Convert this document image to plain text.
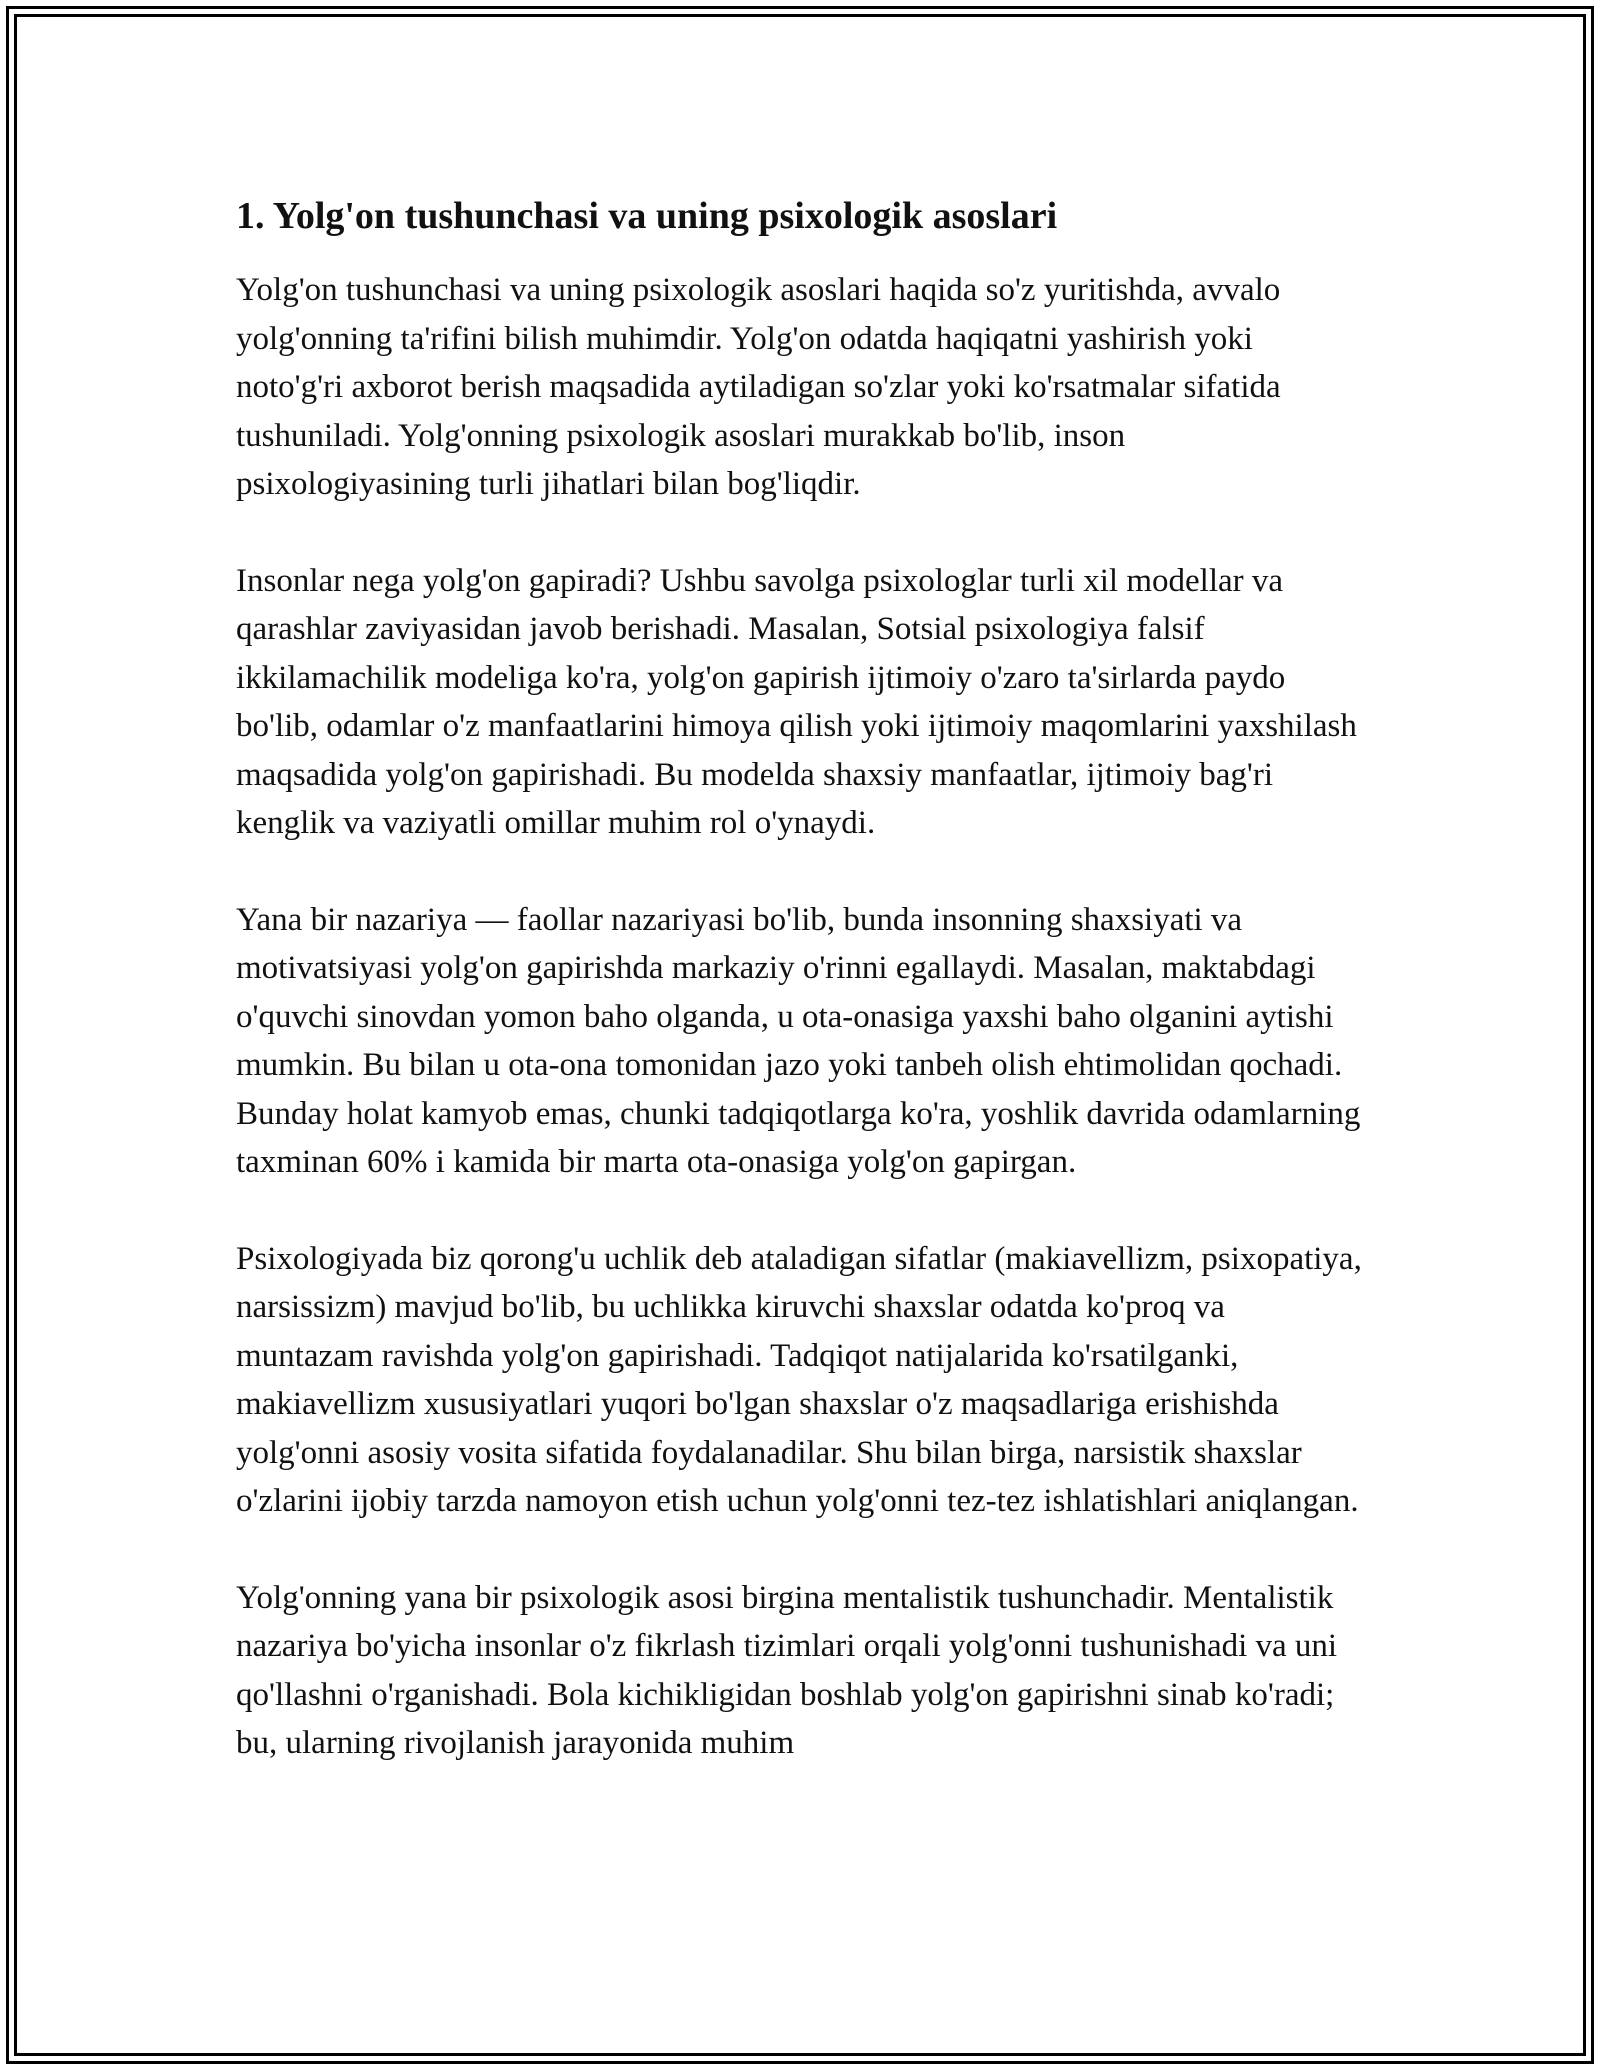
1. Yolg'on tushunchasi va uning psixologik asoslari

Yolg'on tushunchasi va uning psixologik asoslari haqida so'z yuritishda, avvalo yolg'onning ta'rifini bilish muhimdir. Yolg'on odatda haqiqatni yashirish yoki noto'g'ri axborot berish maqsadida aytiladigan so'zlar yoki ko'rsatmalar sifatida tushuniladi. Yolg'onning psixologik asoslari murakkab bo'lib, inson psixologiyasining turli jihatlari bilan bog'liqdir.

Insonlar nega yolg'on gapiradi? Ushbu savolga psixologlar turli xil modellar va qarashlar zaviyasidan javob berishadi. Masalan, Sotsial psixologiya falsif ikkilamachilik modeliga ko'ra, yolg'on gapirish ijtimoiy o'zaro ta'sirlarda paydo bo'lib, odamlar o'z manfaatlarini himoya qilish yoki ijtimoiy maqomlarini yaxshilash maqsadida yolg'on gapirishadi. Bu modelda shaxsiy manfaatlar, ijtimoiy bag'ri kenglik va vaziyatli omillar muhim rol o'ynaydi.

Yana bir nazariya — faollar nazariyasi bo'lib, bunda insonning shaxsiyati va motivatsiyasi yolg'on gapirishda markaziy o'rinni egallaydi. Masalan, maktabdagi o'quvchi sinovdan yomon baho olganda, u ota-onasiga yaxshi baho olganini aytishi mumkin. Bu bilan u ota-ona tomonidan jazo yoki tanbeh olish ehtimolidan qochadi. Bunday holat kamyob emas, chunki tadqiqotlarga ko'ra, yoshlik davrida odamlarning taxminan 60% i kamida bir marta ota-onasiga yolg'on gapirgan.

Psixologiyada biz qorong'u uchlik deb ataladigan sifatlar (makiavellizm, psixopatiya, narsissizm) mavjud bo'lib, bu uchlikka kiruvchi shaxslar odatda ko'proq va muntazam ravishda yolg'on gapirishadi. Tadqiqot natijalarida ko'rsatilganki, makiavellizm xususiyatlari yuqori bo'lgan shaxslar o'z maqsadlariga erishishda yolg'onni asosiy vosita sifatida foydalanadilar. Shu bilan birga, narsistik shaxslar o'zlarini ijobiy tarzda namoyon etish uchun yolg'onni tez-tez ishlatishlari aniqlangan.

Yolg'onning yana bir psixologik asosi birgina mentalistik tushunchadir. Mentalistik nazariya bo'yicha insonlar o'z fikrlash tizimlari orqali yolg'onni tushunishadi va uni qo'llashni o'rganishadi. Bola kichikligidan boshlab yolg'on gapirishni sinab ko'radi; bu, ularning rivojlanish jarayonida muhim
